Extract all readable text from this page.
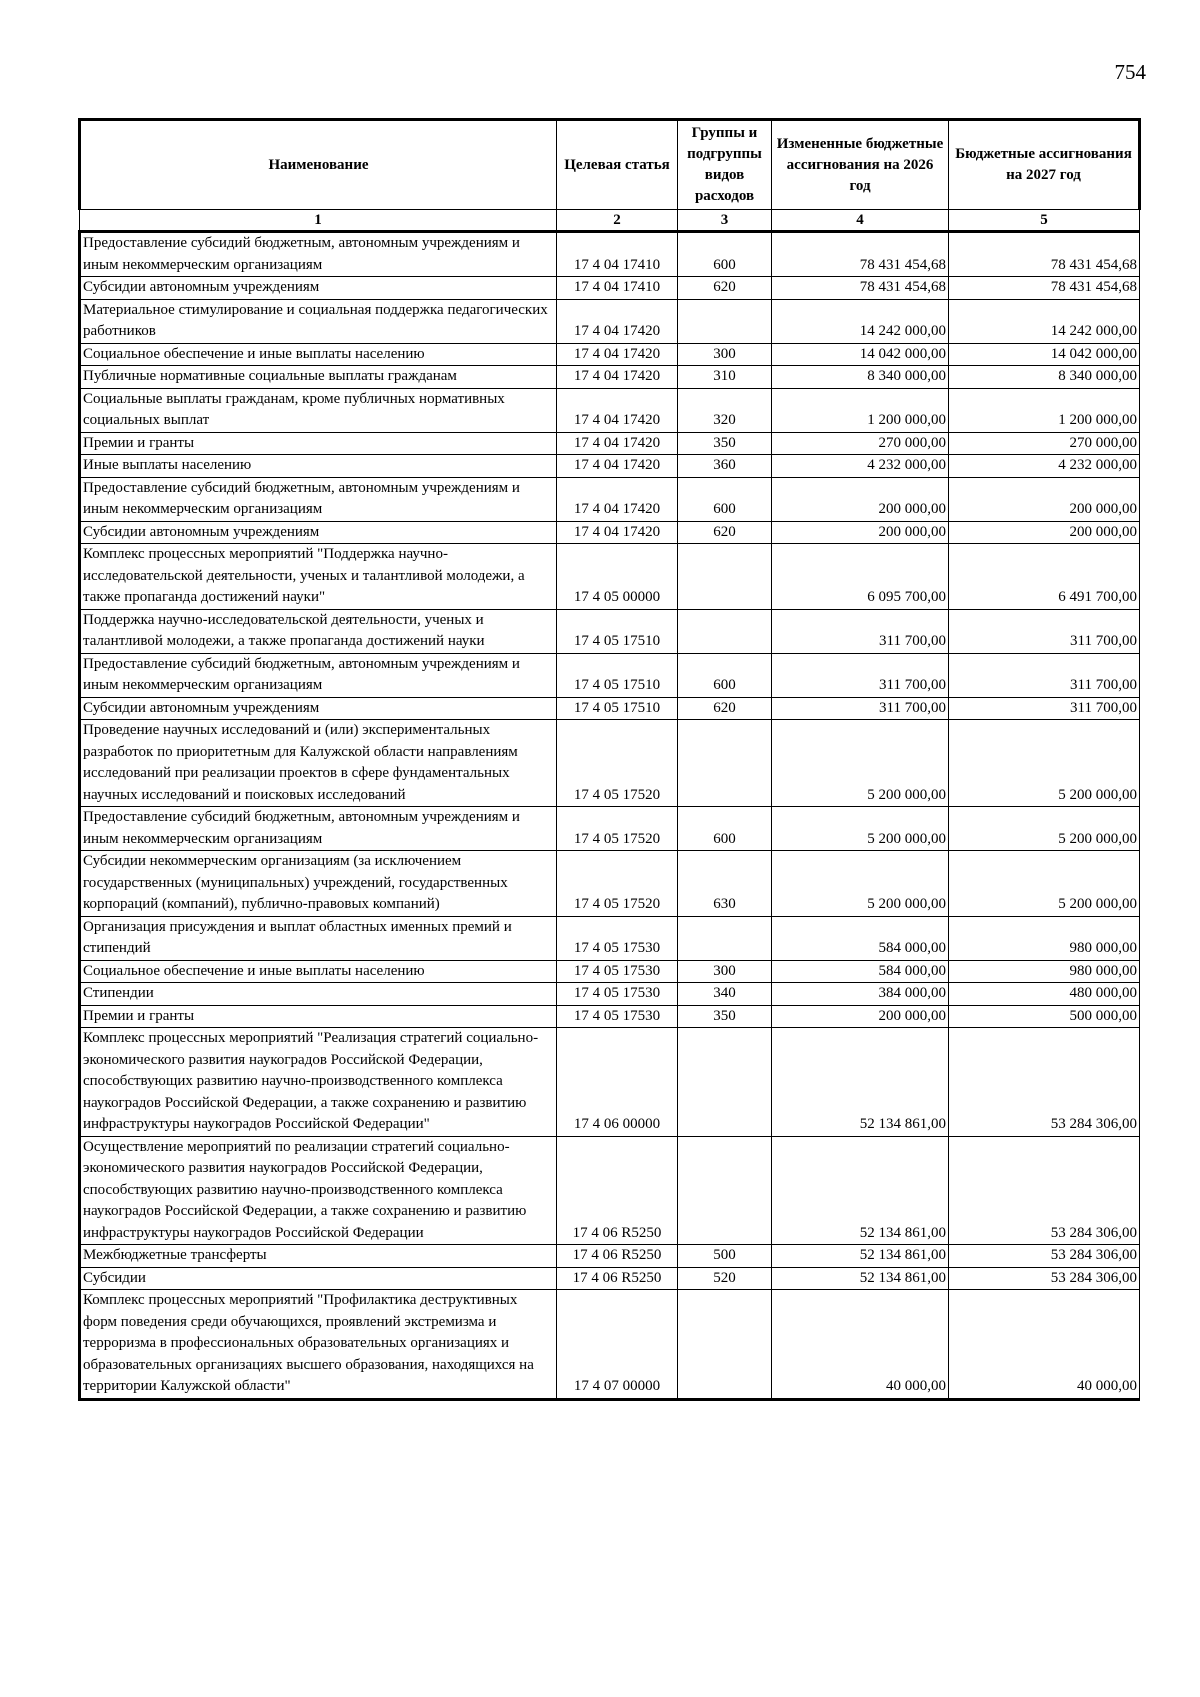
754
Наименование	Целевая статья	Группы и подгруппы видов расходов	Измененные бюджетные ассигнования на 2026 год	Бюджетные ассигнования на 2027 год
1	2	3	4	5
Предоставление субсидий бюджетным, автономным учреждениям и иным некоммерческим организациям	17 4 04 17410	600	78 431 454,68	78 431 454,68
Субсидии автономным учреждениям	17 4 04 17410	620	78 431 454,68	78 431 454,68
Материальное стимулирование и социальная поддержка педагогических работников	17 4 04 17420		14 242 000,00	14 242 000,00
Социальное обеспечение и иные выплаты населению	17 4 04 17420	300	14 042 000,00	14 042 000,00
Публичные нормативные социальные выплаты гражданам	17 4 04 17420	310	8 340 000,00	8 340 000,00
Социальные выплаты гражданам, кроме публичных нормативных социальных выплат	17 4 04 17420	320	1 200 000,00	1 200 000,00
Премии и гранты	17 4 04 17420	350	270 000,00	270 000,00
Иные выплаты населению	17 4 04 17420	360	4 232 000,00	4 232 000,00
Предоставление субсидий бюджетным, автономным учреждениям и иным некоммерческим организациям	17 4 04 17420	600	200 000,00	200 000,00
Субсидии автономным учреждениям	17 4 04 17420	620	200 000,00	200 000,00
Комплекс процессных мероприятий "Поддержка научно-исследовательской деятельности, ученых и талантливой молодежи, а также пропаганда достижений науки"	17 4 05 00000		6 095 700,00	6 491 700,00
Поддержка научно-исследовательской деятельности, ученых и талантливой молодежи, а также пропаганда достижений науки	17 4 05 17510		311 700,00	311 700,00
Предоставление субсидий бюджетным, автономным учреждениям и иным некоммерческим организациям	17 4 05 17510	600	311 700,00	311 700,00
Субсидии автономным учреждениям	17 4 05 17510	620	311 700,00	311 700,00
Проведение научных исследований и (или) экспериментальных разработок по приоритетным для Калужской области направлениям исследований при реализации проектов в сфере фундаментальных научных исследований и поисковых исследований	17 4 05 17520		5 200 000,00	5 200 000,00
Предоставление субсидий бюджетным, автономным учреждениям и иным некоммерческим организациям	17 4 05 17520	600	5 200 000,00	5 200 000,00
Субсидии некоммерческим организациям (за исключением государственных (муниципальных) учреждений, государственных корпораций (компаний), публично-правовых компаний)	17 4 05 17520	630	5 200 000,00	5 200 000,00
Организация присуждения и выплат областных именных премий и стипендий	17 4 05 17530		584 000,00	980 000,00
Социальное обеспечение и иные выплаты населению	17 4 05 17530	300	584 000,00	980 000,00
Стипендии	17 4 05 17530	340	384 000,00	480 000,00
Премии и гранты	17 4 05 17530	350	200 000,00	500 000,00
Комплекс процессных мероприятий "Реализация стратегий социально-экономического развития наукоградов Российской Федерации, способствующих развитию научно-производственного комплекса наукоградов Российской Федерации, а также сохранению и развитию инфраструктуры наукоградов Российской Федерации"	17 4 06 00000		52 134 861,00	53 284 306,00
Осуществление мероприятий по реализации стратегий социально-экономического развития наукоградов Российской Федерации, способствующих развитию научно-производственного комплекса наукоградов Российской Федерации, а также сохранению и развитию инфраструктуры наукоградов Российской Федерации	17 4 06 R5250		52 134 861,00	53 284 306,00
Межбюджетные трансферты	17 4 06 R5250	500	52 134 861,00	53 284 306,00
Субсидии	17 4 06 R5250	520	52 134 861,00	53 284 306,00
Комплекс процессных мероприятий "Профилактика деструктивных форм поведения среди обучающихся, проявлений экстремизма и терроризма в профессиональных образовательных организациях и образовательных организациях высшего образования, находящихся на территории Калужской области"	17 4 07 00000		40 000,00	40 000,00
